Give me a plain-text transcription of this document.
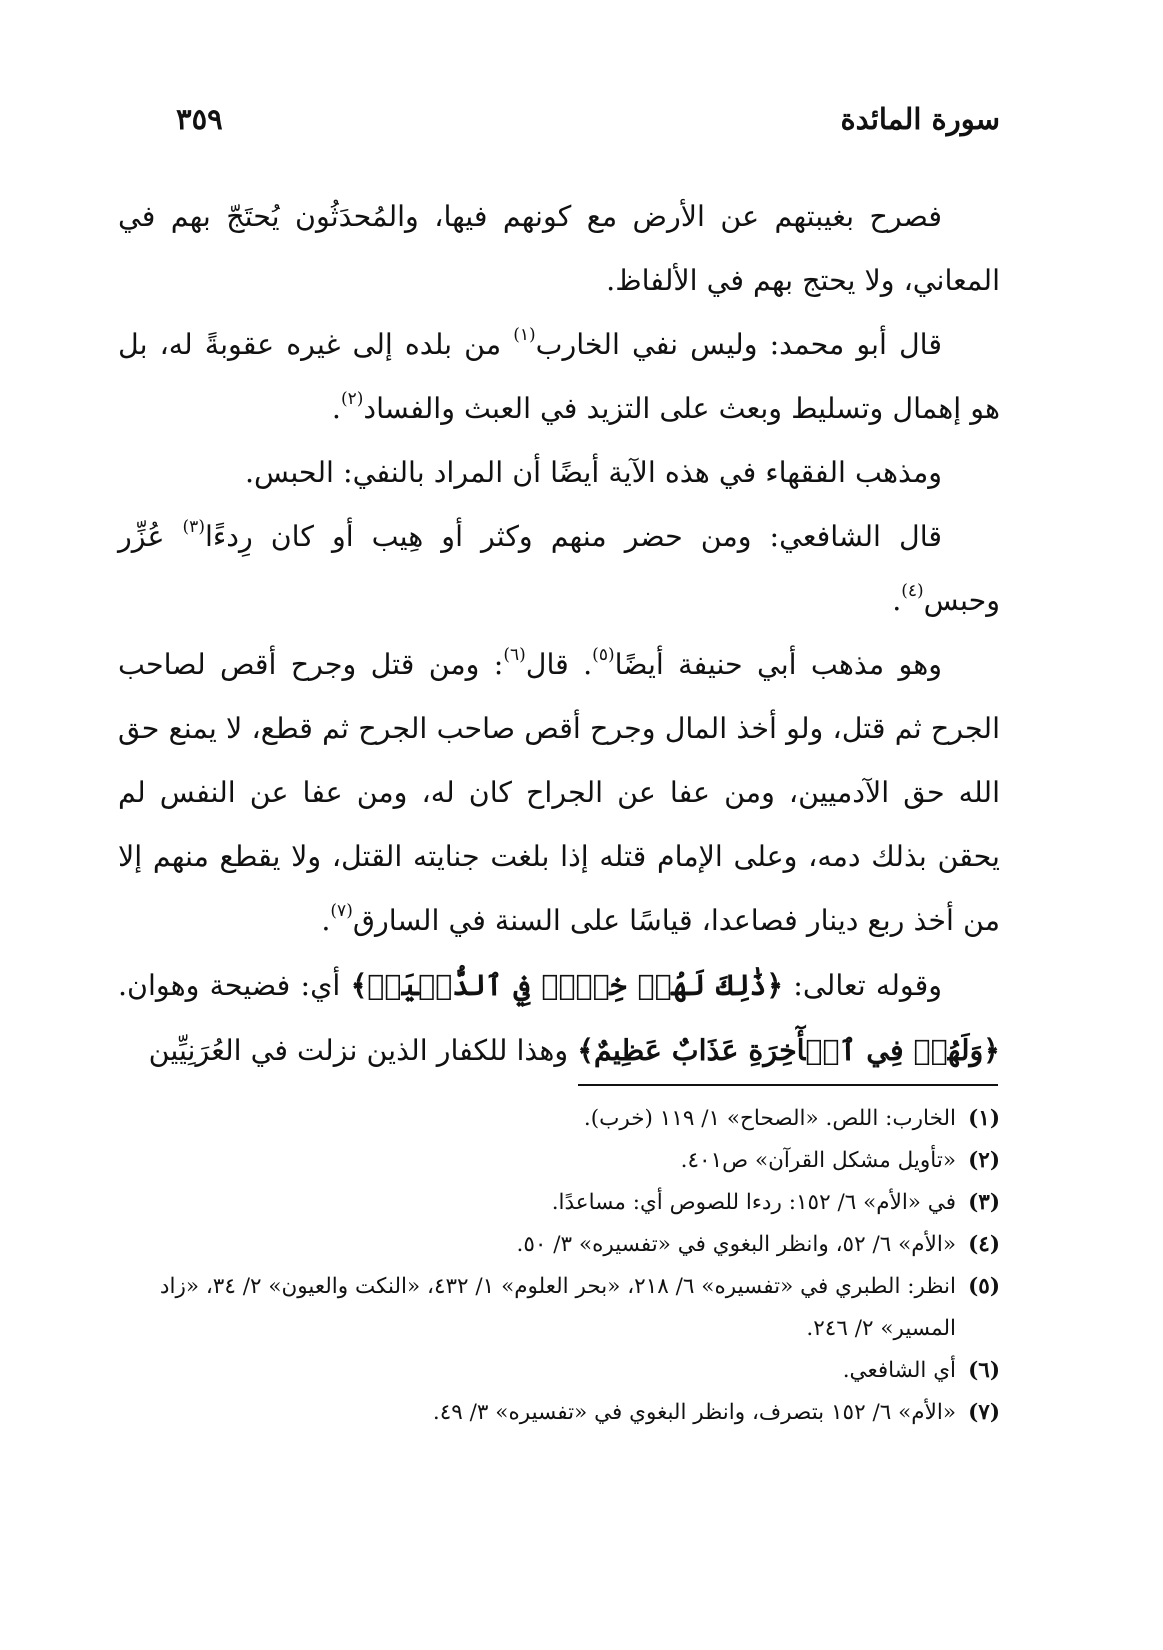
٣٥٩	سورة المائدة

فصرح بغيبتهم عن الأرض مع كونهم فيها، والمُحدَثُون يُحتَجّ بهم في المعاني، ولا يحتج بهم في الألفاظ.

قال أبو محمد: وليس نفي الخارب$^{(١)}$ من بلده إلى غيره عقوبةً له، بل هو إهمال وتسليط وبعث على التزيد في العبث والفساد$^{(٢)}$.

ومذهب الفقهاء في هذه الآية أيضًا أن المراد بالنفي: الحبس.

قال الشافعي: ومن حضر منهم وكثر أو هِيب أو كان رِدءًا$^{(٣)}$ عُزِّر وحبس$^{(٤)}$.

وهو مذهب أبي حنيفة أيضًا$^{(٥)}$. قال$^{(٦)}$: ومن قتل وجرح أقص لصاحب الجرح ثم قتل، ولو أخذ المال وجرح أقص صاحب الجرح ثم قطع، لا يمنع حق الله حق الآدميين، ومن عفا عن الجراح كان له، ومن عفا عن النفس لم يحقن بذلك دمه، وعلى الإمام قتله إذا بلغت جنايته القتل، ولا يقطع منهم إلا من أخذ ربع دينار فصاعدا، قياسًا على السنة في السارق$^{(٧)}$.

وقوله تعالى: ﴿ذَٰلِكَ لَهُمۡ خِزۡيٞ فِي ٱلدُّنۡيَاۖ﴾ أي: فضيحة وهوان. ﴿وَلَهُمۡ فِي ٱلۡأٓخِرَةِ عَذَابٌ عَظِيمٌ﴾ وهذا للكفار الذين نزلت في العُرَنِيِّين

(١)
الخارب: اللص. «الصحاح» ١/ ١١٩ (خرب).
(٢)
«تأويل مشكل القرآن» ص٤٠١.
(٣)
في «الأم» ٦/ ١٥٢: ردءا للصوص أي: مساعدًا.
(٤)
«الأم» ٦/ ٥٢، وانظر البغوي في «تفسيره» ٣/ ٥٠.
(٥)
انظر: الطبري في «تفسيره» ٦/ ٢١٨، «بحر العلوم» ١/ ٤٣٢، «النكت والعيون» ٢/ ٣٤، «زاد المسير» ٢/ ٢٤٦.
(٦)
أي الشافعي.
(٧)
«الأم» ٦/ ١٥٢ بتصرف، وانظر البغوي في «تفسيره» ٣/ ٤٩.
